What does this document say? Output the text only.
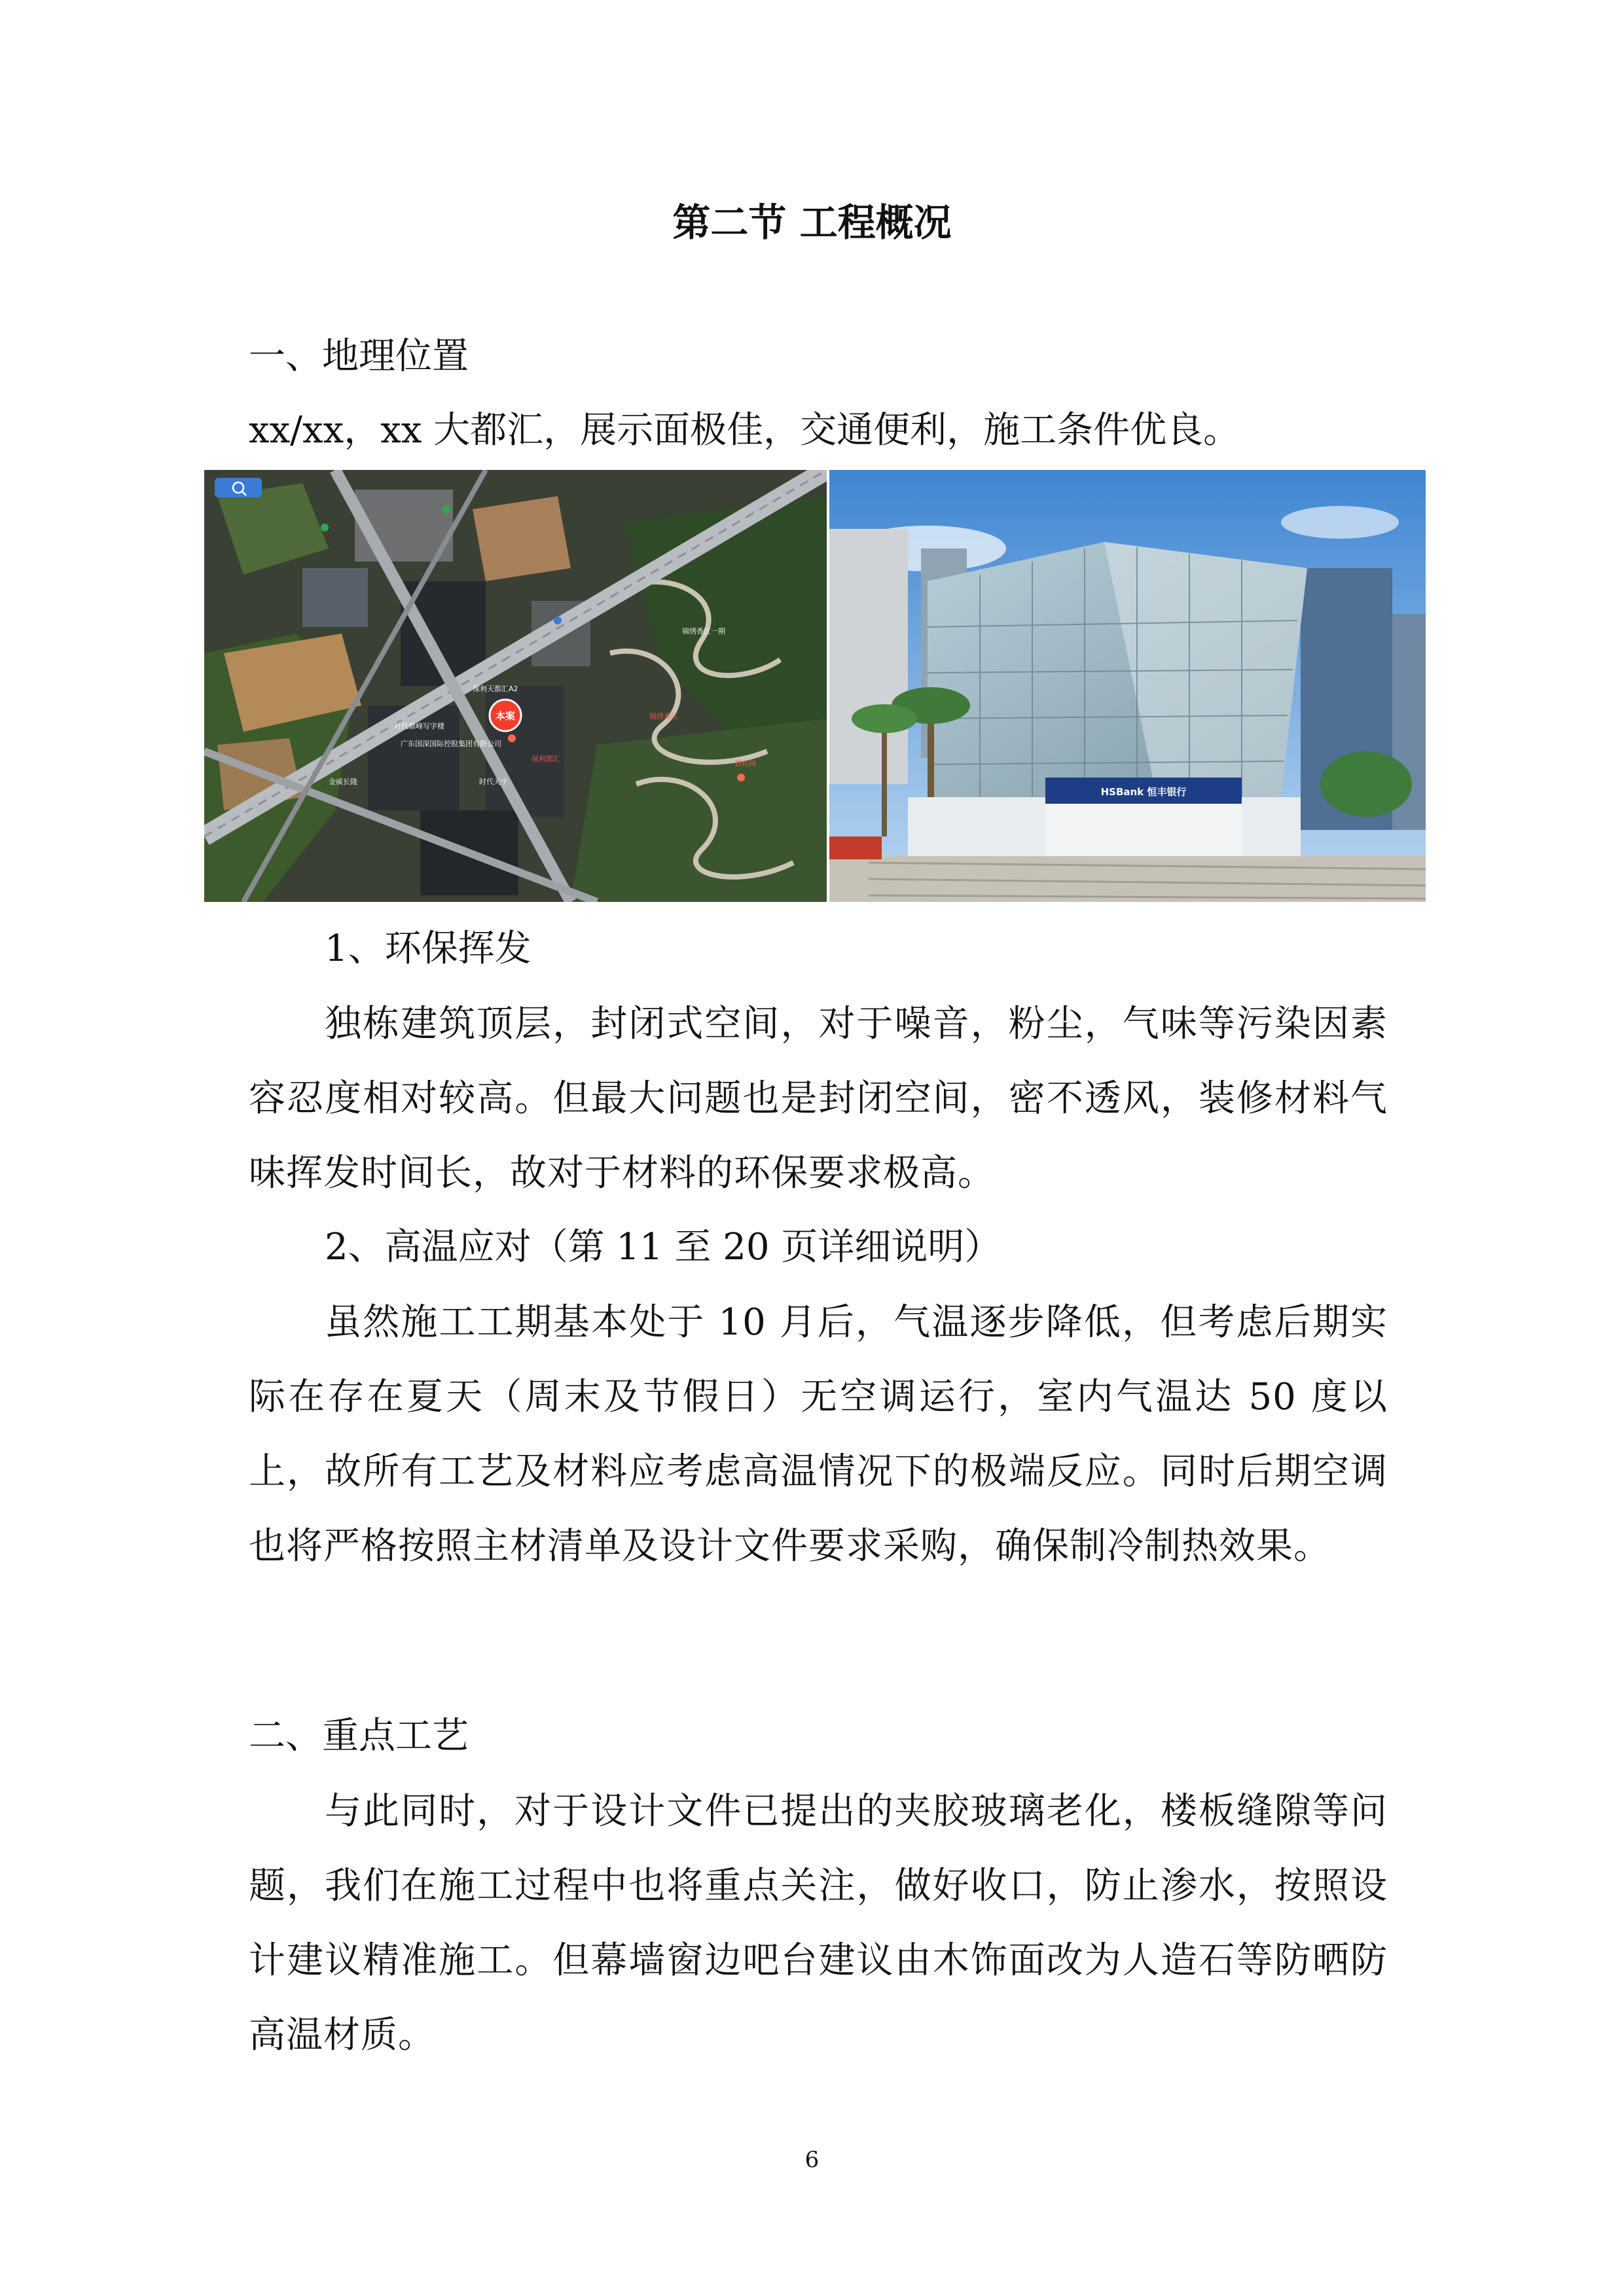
第二节 工程概况

一、地理位置

xx/xx，xx 大都汇，展示面极佳，交通便利，施工条件优良。

时代鼎峰写字楼
广东国深国际控股集团有限公司
保利天都汇A2
保利都汇
锦绣香江
时代天宇
金威长隆
锦绣香江一期
碧桂园
本案
HSBank 恒丰银行

1、环保挥发

独栋建筑顶层，封闭式空间，对于噪音，粉尘，气味等污染因素容忍度相对较高。但最大问题也是封闭空间，密不透风，装修材料气味挥发时间长，故对于材料的环保要求极高。

2、高温应对（第 11 至 20 页详细说明）

虽然施工工期基本处于 10 月后，气温逐步降低，但考虑后期实际在存在夏天（周末及节假日）无空调运行，室内气温达 50 度以上，故所有工艺及材料应考虑高温情况下的极端反应。同时后期空调也将严格按照主材清单及设计文件要求采购，确保制冷制热效果。

二、重点工艺

与此同时，对于设计文件已提出的夹胶玻璃老化，楼板缝隙等问题，我们在施工过程中也将重点关注，做好收口，防止渗水，按照设计建议精准施工。但幕墙窗边吧台建议由木饰面改为人造石等防晒防高温材质。

6
